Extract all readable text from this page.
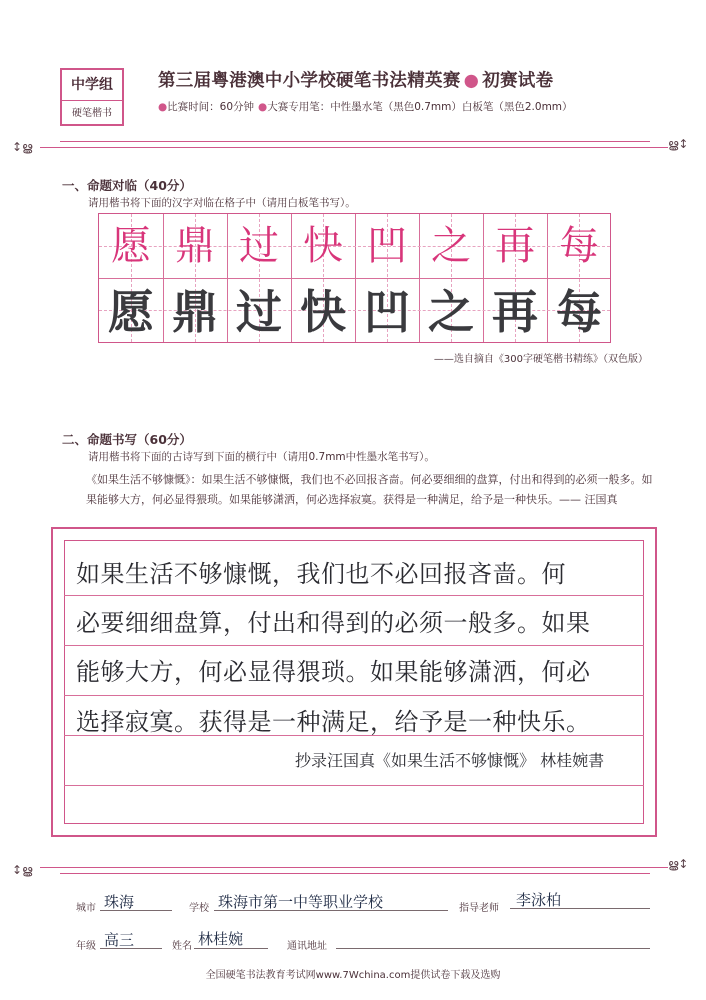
中学组
硬笔楷书
第三届粤港澳中小学校硬笔书法精英赛 ● 初赛试卷
●比赛时间：60分钟 ●大赛专用笔：中性墨水笔（黑色0.7mm）白板笔（黑色2.0mm）
↕ൠ	ൠ↕
一、命题对临（40分）
请用楷书将下面的汉字对临在格子中（请用白板笔书写）。
愿 鼎 过 快 凹 之 再 每
愿 鼎 过 快 凹 之 再 每
——选自摘自《300字硬笔楷书精练》（双色版）
二、命题书写（60分）
请用楷书将下面的古诗写到下面的横行中（请用0.7mm中性墨水笔书写）。
《如果生活不够慷慨》：如果生活不够慷慨，我们也不必回报吝啬。何必要细细的盘算，付出和得到的必须一般多。如果能够大方，何必显得猥琐。如果能够潇洒，何必选择寂寞。获得是一种满足，给予是一种快乐。—— 汪国真
如果生活不够慷慨，我们也不必回报吝啬。何
必要细细盘算，付出和得到的必须一般多。如果
能够大方，何必显得猥琐。如果能够潇洒，何必
选择寂寞。获得是一种满足，给予是一种快乐。
抄录汪国真《如果生活不够慷慨》 林桂婉書
↕ൠ	ൠ↕
城市 珠海	学校 珠海市第一中等职业学校	指导老师 李泳柏
年级 高三	姓名 林桂婉	通讯地址
全国硬笔书法教育考试网www.7Wchina.com提供试卷下载及选购
